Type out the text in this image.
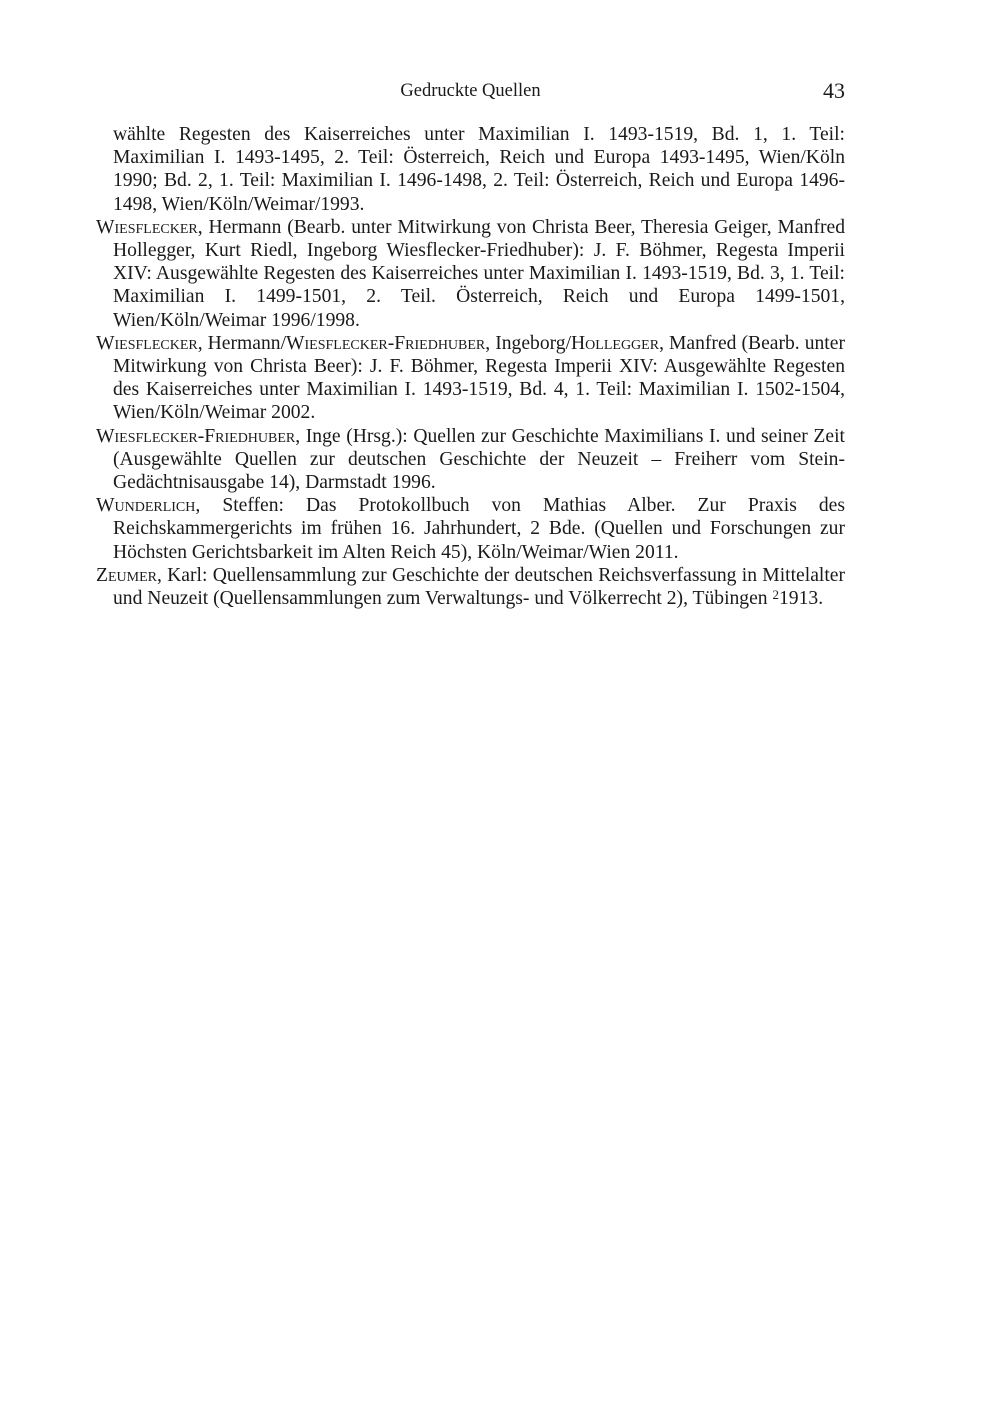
Gedruckte Quellen	43

wählte Regesten des Kaiserreiches unter Maximilian I. 1493-1519, Bd. 1, 1. Teil: Maximilian I. 1493-1495, 2. Teil: Österreich, Reich und Europa 1493-1495, Wien/Köln 1990; Bd. 2, 1. Teil: Maximilian I. 1496-1498, 2. Teil: Österreich, Reich und Europa 1496-1498, Wien/Köln/Weimar/1993.

Wiesflecker, Hermann (Bearb. unter Mitwirkung von Christa Beer, Theresia Geiger, Manfred Hollegger, Kurt Riedl, Ingeborg Wiesflecker-Friedhuber): J. F. Böhmer, Regesta Imperii XIV: Ausgewählte Regesten des Kaiserreiches unter Maximilian I. 1493-1519, Bd. 3, 1. Teil: Maximilian I. 1499-1501, 2. Teil. Österreich, Reich und Europa 1499-1501, Wien/Köln/Weimar 1996/1998.

Wiesflecker, Hermann/Wiesflecker-Friedhuber, Ingeborg/Hollegger, Manfred (Bearb. unter Mitwirkung von Christa Beer): J. F. Böhmer, Regesta Imperii XIV: Ausgewählte Regesten des Kaiserreiches unter Maximilian I. 1493-1519, Bd. 4, 1. Teil: Maximilian I. 1502-1504, Wien/Köln/Weimar 2002.

Wiesflecker-Friedhuber, Inge (Hrsg.): Quellen zur Geschichte Maximilians I. und seiner Zeit (Ausgewählte Quellen zur deutschen Geschichte der Neuzeit – Freiherr vom Stein-Gedächtnisausgabe 14), Darmstadt 1996.

Wunderlich, Steffen: Das Protokollbuch von Mathias Alber. Zur Praxis des Reichskammergerichts im frühen 16. Jahrhundert, 2 Bde. (Quellen und Forschungen zur Höchsten Gerichtsbarkeit im Alten Reich 45), Köln/Weimar/Wien 2011.

Zeumer, Karl: Quellensammlung zur Geschichte der deutschen Reichsverfassung in Mittelalter und Neuzeit (Quellensammlungen zum Verwaltungs- und Völkerrecht 2), Tübingen $^2$1913.
